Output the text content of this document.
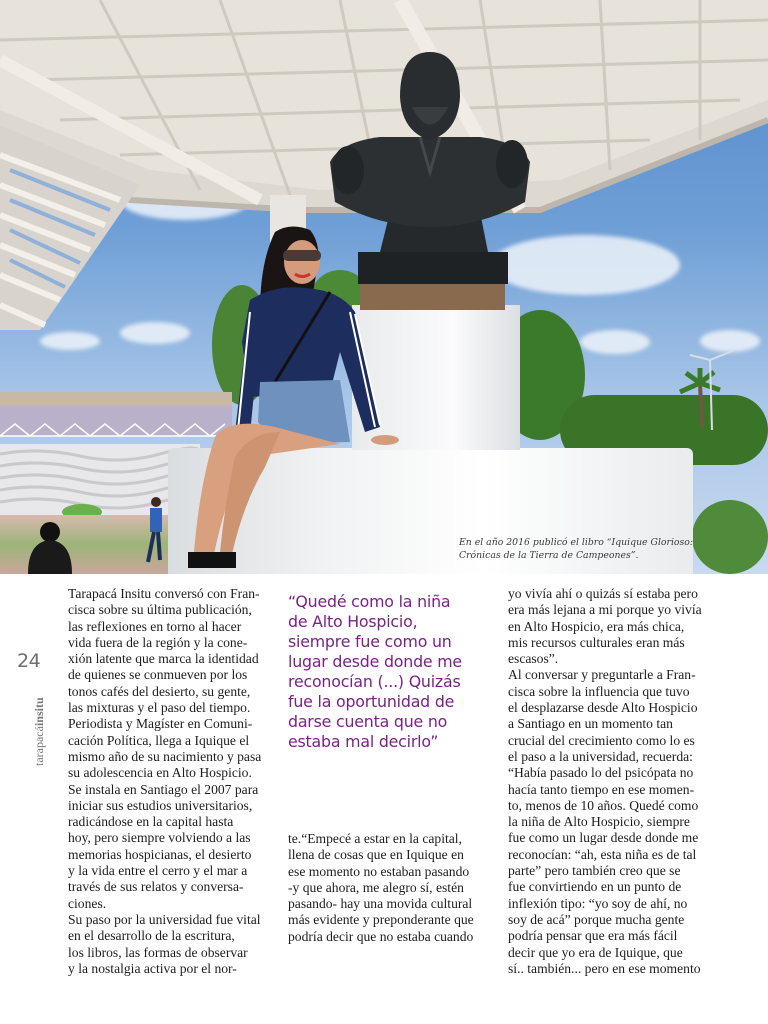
En el año 2016 publicó el libro “Iquique Glorioso:
Crónicas de la Tierra de Campeones”.
24
tarapacáinsitu
Tarapacá Insitu conversó con Fran-
cisca sobre su última publicación,
las reflexiones en torno al hacer
vida fuera de la región y la cone-
xión latente que marca la identidad
de quienes se conmueven por los
tonos cafés del desierto, su gente,
las mixturas y el paso del tiempo.
Periodista y Magíster en Comuni-
cación Política, llega a Iquique el
mismo año de su nacimiento y pasa
su adolescencia en Alto Hospicio.
Se instala en Santiago el 2007 para
iniciar sus estudios universitarios,
radicándose en la capital hasta
hoy, pero siempre volviendo a las
memorias hospicianas, el desierto
y la vida entre el cerro y el mar a
través de sus relatos y conversa-
ciones.
Su paso por la universidad fue vital
en el desarrollo de la escritura,
los libros, las formas de observar
y la nostalgia activa por el nor-
“Quedé como la niña
de Alto Hospicio,
siempre fue como un
lugar desde donde me
reconocían (...) Quizás
fue la oportunidad de
darse cuenta que no
estaba mal decirlo”
te.“Empecé a estar en la capital,
llena de cosas que en Iquique en
ese momento no estaban pasando
-y que ahora, me alegro sí, estén
pasando- hay una movida cultural
más evidente y preponderante que
podría decir que no estaba cuando
yo vivía ahí o quizás sí estaba pero
era más lejana a mi porque yo vivía
en Alto Hospicio, era más chica,
mis recursos culturales eran más
escasos”.
Al conversar y preguntarle a Fran-
cisca sobre la influencia que tuvo
el desplazarse desde Alto Hospicio
a Santiago en un momento tan
crucial del crecimiento como lo es
el paso a la universidad, recuerda:
“Había pasado lo del psicópata no
hacía tanto tiempo en ese momen-
to, menos de 10 años. Quedé como
la niña de Alto Hospicio, siempre
fue como un lugar desde donde me
reconocían: “ah, esta niña es de tal
parte” pero también creo que se
fue convirtiendo en un punto de
inflexión tipo: “yo soy de ahí, no
soy de acá” porque mucha gente
podría pensar que era más fácil
decir que yo era de Iquique, que
sí.. también... pero en ese momento
